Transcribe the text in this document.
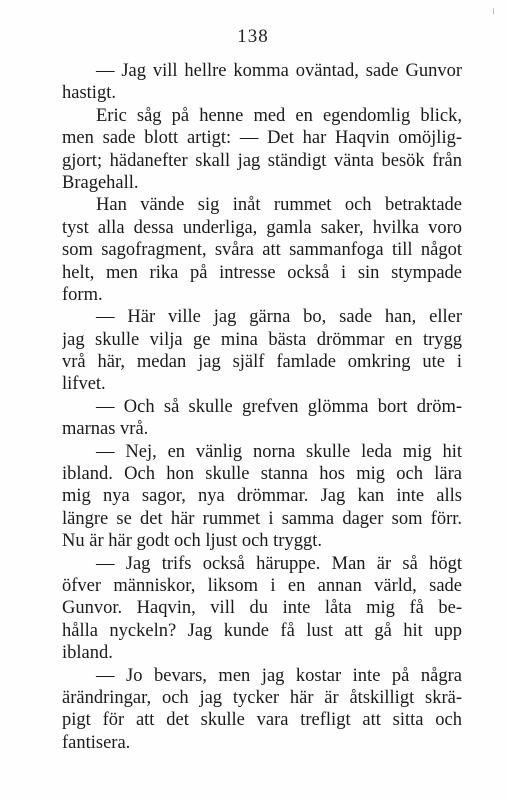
138
— Jag vill hellre komma oväntad, sade Gunvor
hastigt.
Eric såg på henne med en egendomlig blick,
men sade blott artigt: — Det har Haqvin omöjlig-
gjort; hädanefter skall jag ständigt vänta besök från
Bragehall.
Han vände sig inåt rummet och betraktade
tyst alla dessa underliga, gamla saker, hvilka voro
som sagofragment, svåra att sammanfoga till något
helt, men rika på intresse också i sin stympade
form.
— Här ville jag gärna bo, sade han, eller
jag skulle vilja ge mina bästa drömmar en trygg
vrå här, medan jag själf famlade omkring ute i
lifvet.
— Och så skulle grefven glömma bort dröm-
marnas vrå.
— Nej, en vänlig norna skulle leda mig hit
ibland. Och hon skulle stanna hos mig och lära
mig nya sagor, nya drömmar. Jag kan inte alls
längre se det här rummet i samma dager som förr.
Nu är här godt och ljust och tryggt.
— Jag trifs också häruppe. Man är så högt
öfver människor, liksom i en annan värld, sade
Gunvor. Haqvin, vill du inte låta mig få be-
hålla nyckeln? Jag kunde få lust att gå hit upp
ibland.
— Jo bevars, men jag kostar inte på några
ärändringar, och jag tycker här är åtskilligt skrä-
pigt för att det skulle vara trefligt att sitta och
fantisera.
